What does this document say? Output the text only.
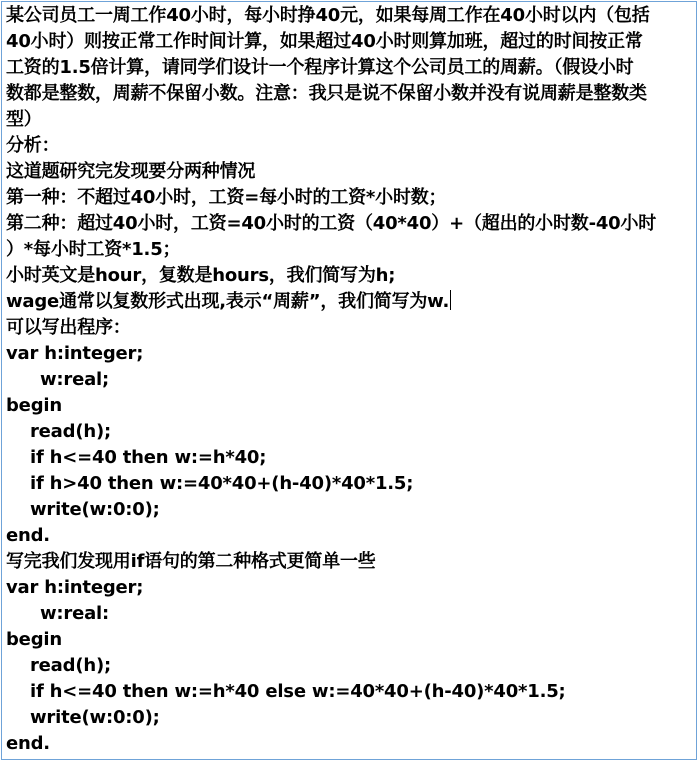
某公司员工一周工作40小时，每小时挣40元，如果每周工作在40小时以内（包括
40小时）则按正常工作时间计算，如果超过40小时则算加班，超过的时间按正常
工资的1.5倍计算，请同学们设计一个程序计算这个公司员工的周薪。（假设小时
数都是整数，周薪不保留小数。注意：我只是说不保留小数并没有说周薪是整数类
型）
分析：
这道题研究完发现要分两种情况
第一种：不超过40小时，工资=每小时的工资*小时数；
第二种：超过40小时，工资=40小时的工资（40*40）+（超出的小时数-40小时
）*每小时工资*1.5；
小时英文是hour，复数是hours，我们简写为h;
wage通常以复数形式出现,表示“周薪”，我们简写为w.
可以写出程序：
var h:integer;
w:real;
begin
read(h);
if h<=40 then w:=h*40;
if h>40 then w:=40*40+(h-40)*40*1.5;
write(w:0:0);
end.
写完我们发现用if语句的第二种格式更简单一些
var h:integer;
w:real:
begin
read(h);
if h<=40 then w:=h*40 else w:=40*40+(h-40)*40*1.5;
write(w:0:0);
end.
